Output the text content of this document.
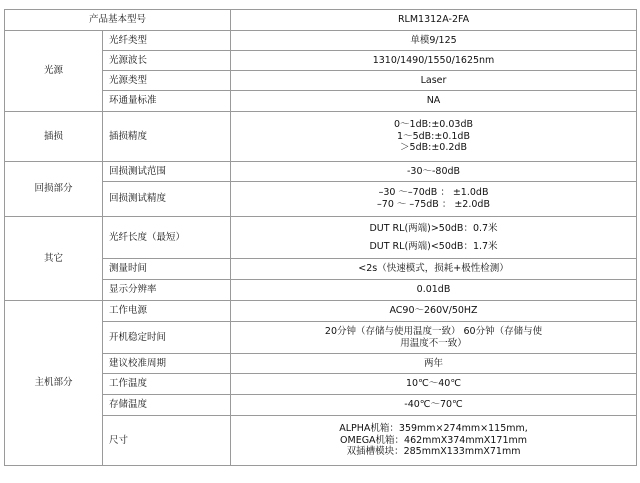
产品基本型号		RLM1312A-2FA
光源	光纤类型	单模9/125
	光源波长	1310/1490/1550/1625nm
	光源类型	Laser
	环通量标准	NA
插损	插损精度	0～1dB:±0.03dB
1～5dB:±0.1dB
＞5dB:±0.2dB

回损部分	回损测试范围	-30～-80dB
	回损测试精度	–30 ～–70dB ： ±1.0dB
–70 ～ –75dB ： ±2.0dB

其它	光纤长度（最短）	DUT RL(两端)>50dB：0.7米
DUT RL(两端)<50dB：1.7米

	测量时间	<2s（快速模式，损耗+极性检测）
	显示分辨率	0.01dB
主机部分	工作电源	AC90～260V/50HZ
	开机稳定时间	20分钟（存储与使用温度一致） 60分钟（存储与使
用温度不一致）

	建议校准周期	两年
	工作温度	10℃～40℃
	存储温度	-40℃～70℃
	尺寸	ALPHA机箱：359mm×274mm×115mm,
OMEGA机箱：462mmX374mmX171mm
双插槽模块：285mmX133mmX71mm
